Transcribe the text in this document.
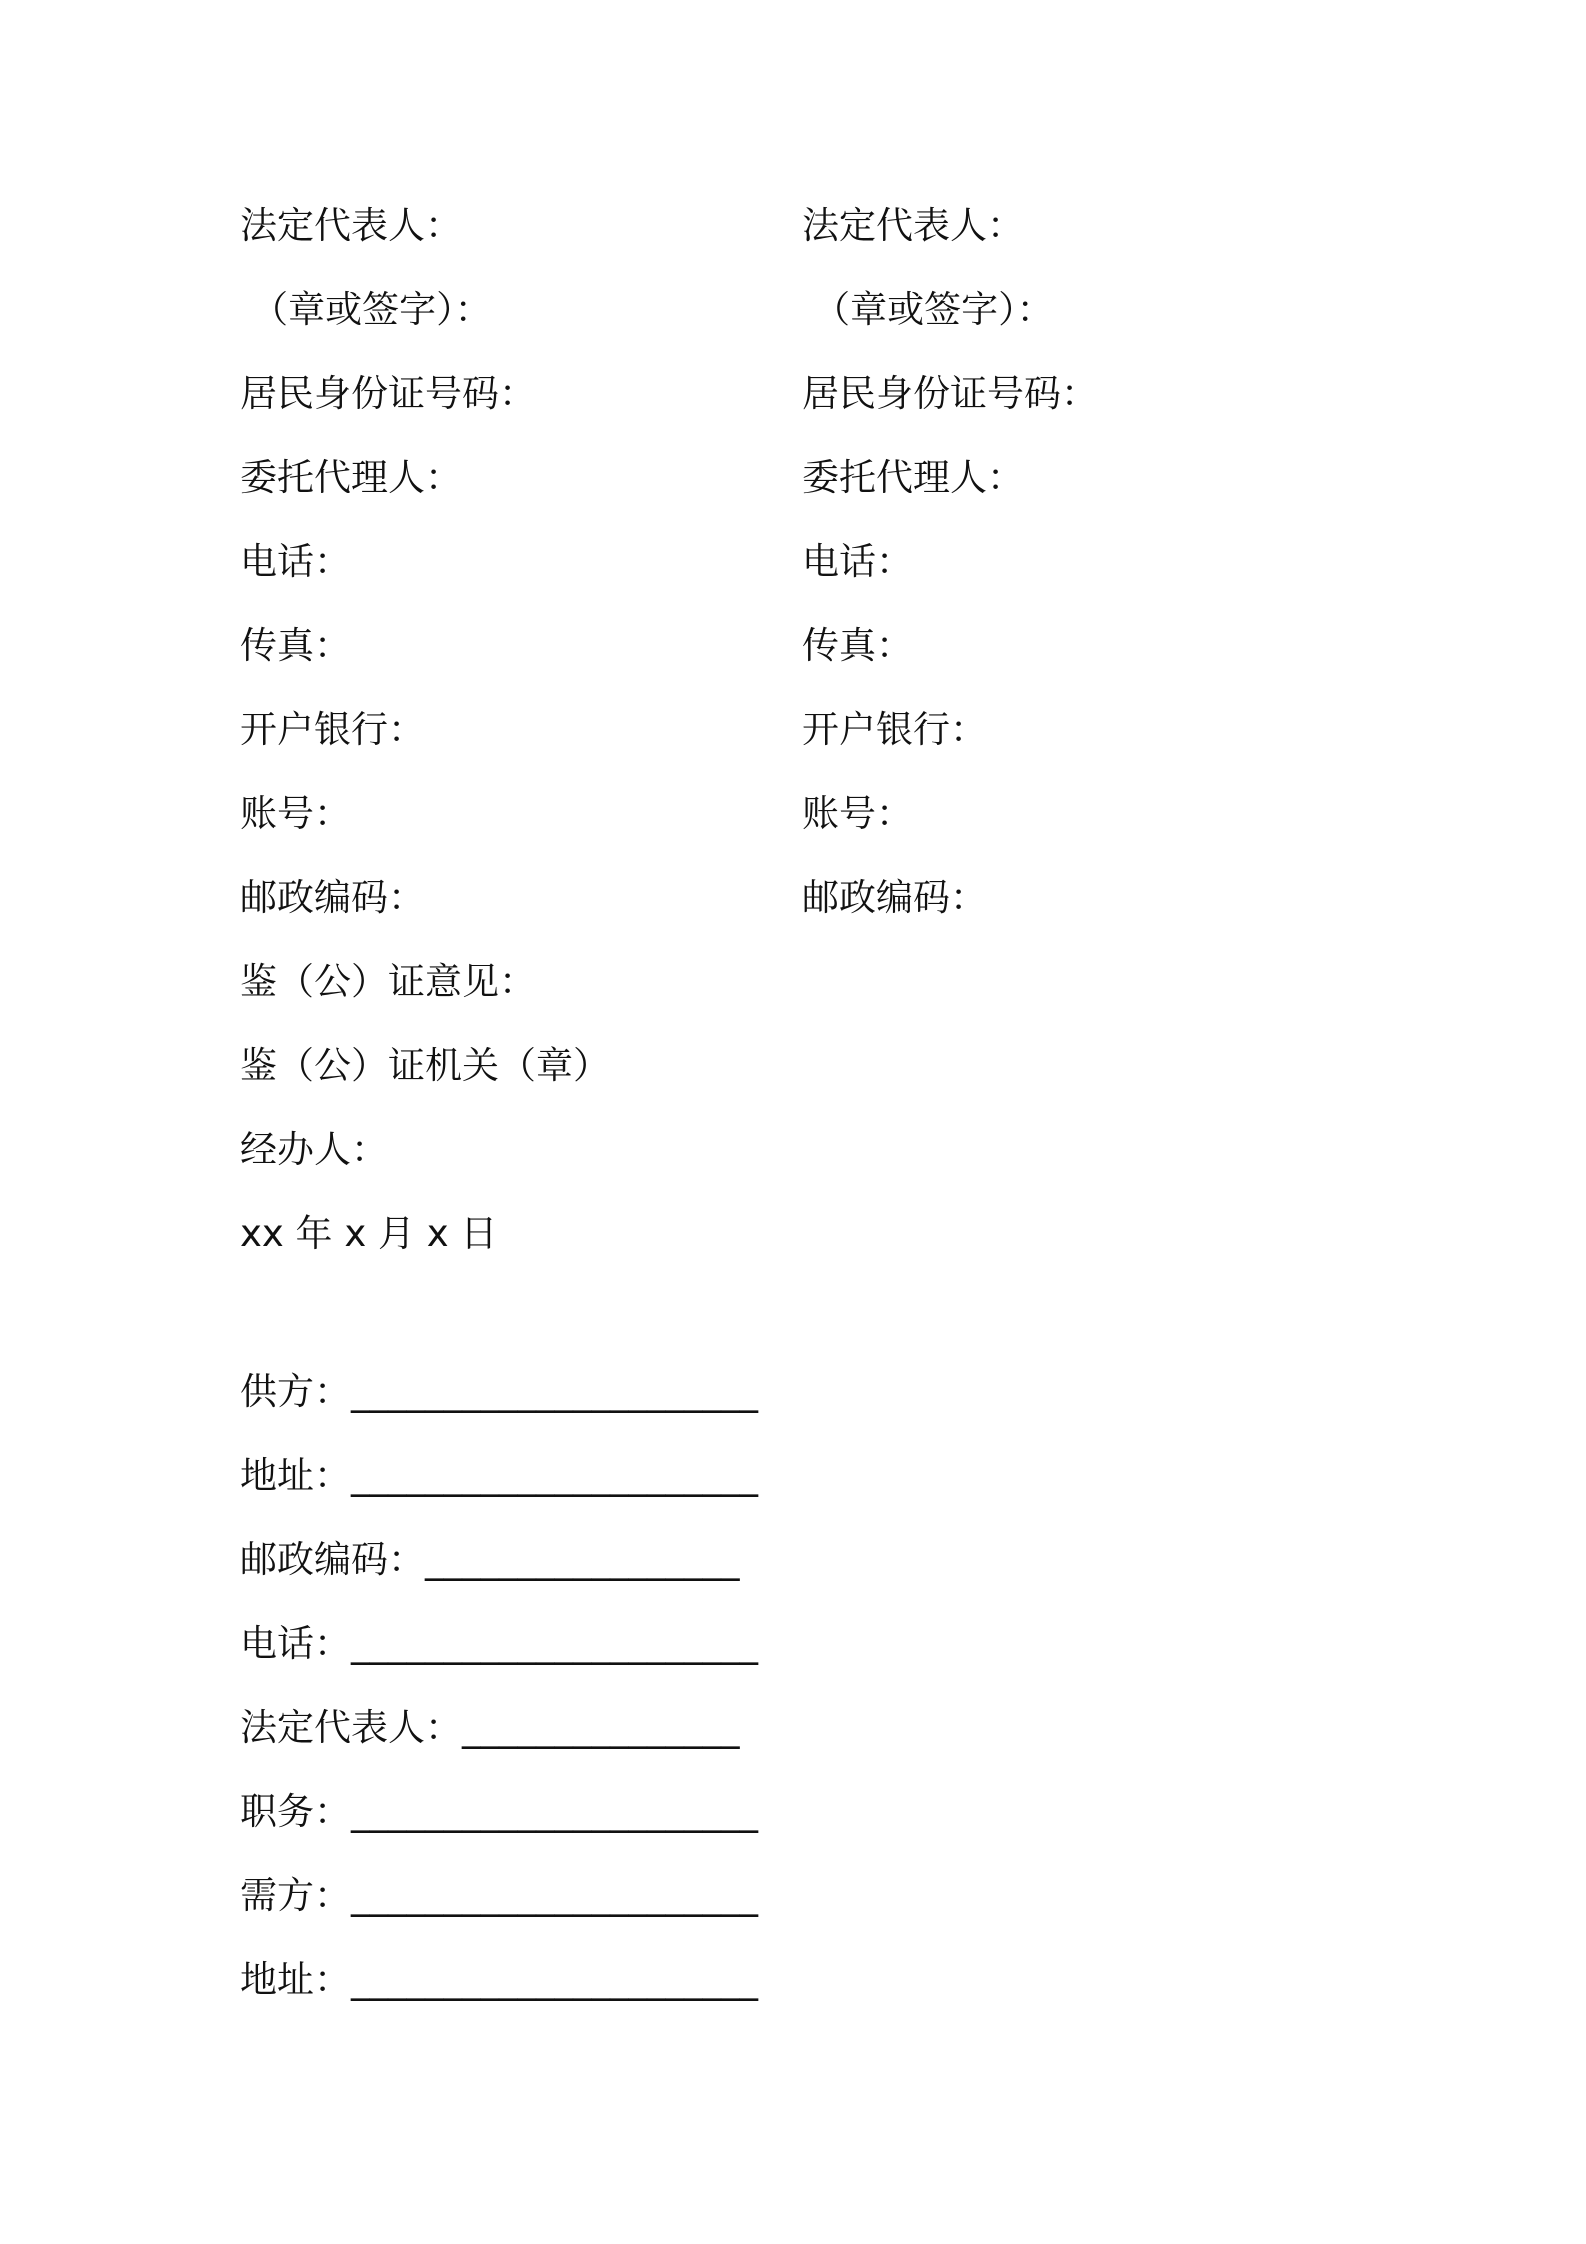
法定代表人：
（章或签字）：
居民身份证号码：
委托代理人：
电话：
传真：
开户银行：
账号：
邮政编码：
鉴（公）证意见：
鉴（公）证机关（章）
经办人：
xx 年 x 月 x 日
法定代表人：
（章或签字）：
居民身份证号码：
委托代理人：
电话：
传真：
开户银行：
账号：
邮政编码：
供方：______________________
地址：______________________
邮政编码：_________________
电话：______________________
法定代表人：_______________
职务：______________________
需方：______________________
地址：______________________
